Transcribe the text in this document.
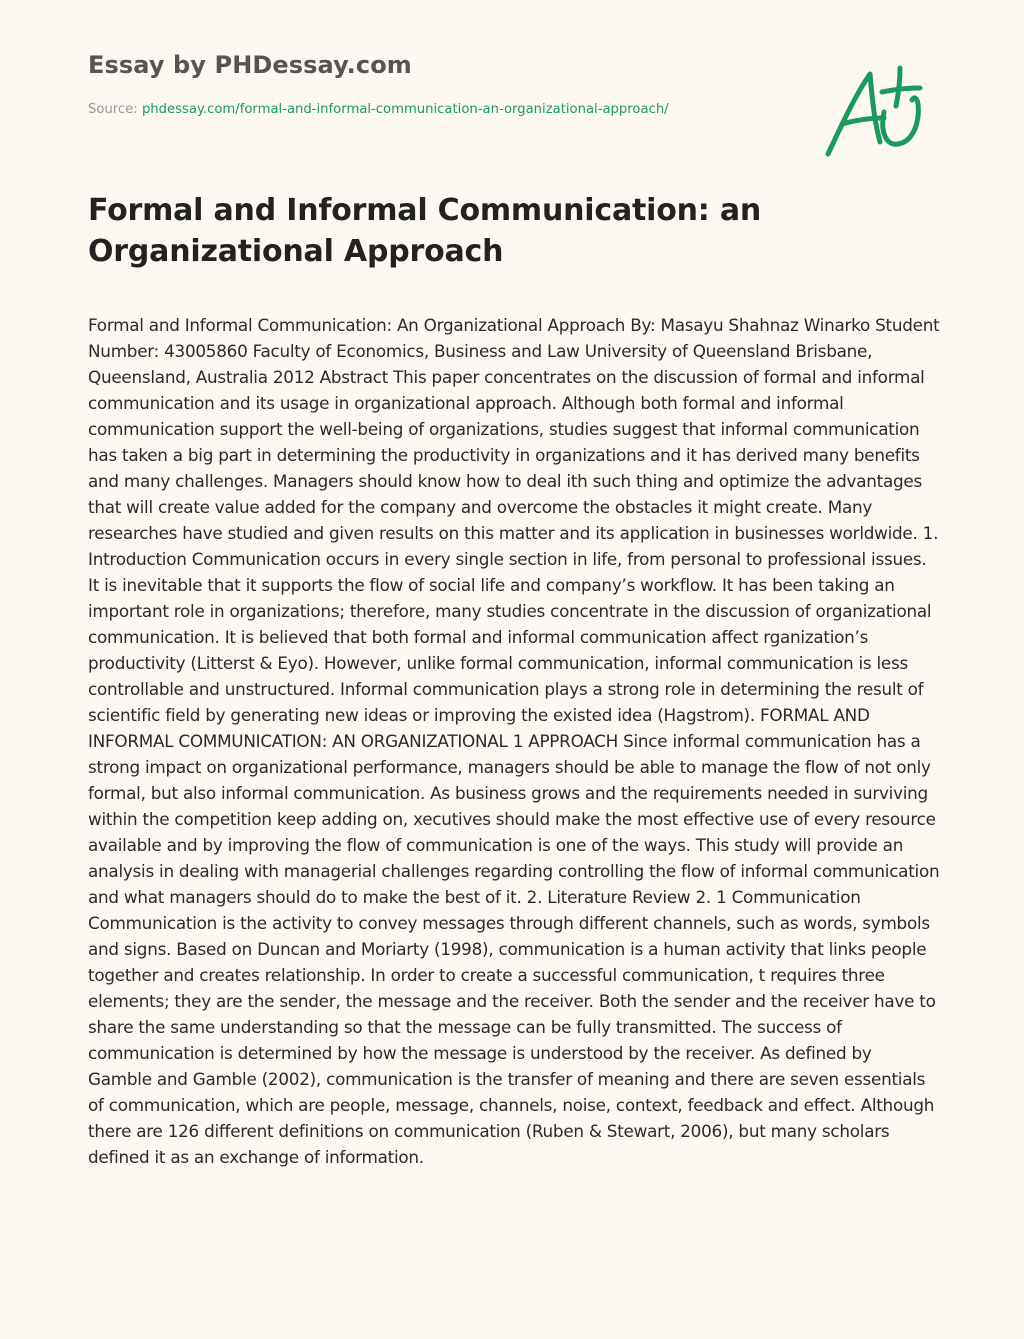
Essay by PHDessay.com
Source: phdessay.com/formal-and-informal-communication-an-organizational-approach/
Formal and Informal Communication: an Organizational Approach

Formal and Informal Communication: An Organizational Approach By: Masayu Shahnaz Winarko Student Number: 43005860 Faculty of Economics, Business and Law University of Queensland Brisbane, Queensland, Australia 2012 Abstract This paper concentrates on the discussion of formal and informal communication and its usage in organizational approach. Although both formal and informal communication support the well-being of organizations, studies suggest that informal communication has taken a big part in determining the productivity in organizations and it has derived many benefits and many challenges. Managers should know how to deal ith such thing and optimize the advantages that will create value added for the company and overcome the obstacles it might create. Many researches have studied and given results on this matter and its application in businesses worldwide. 1. Introduction Communication occurs in every single section in life, from personal to professional issues. It is inevitable that it supports the flow of social life and company’s workflow. It has been taking an important role in organizations; therefore, many studies concentrate in the discussion of organizational communication. It is believed that both formal and informal communication affect rganization’s productivity (Litterst & Eyo). However, unlike formal communication, informal communication is less controllable and unstructured. Informal communication plays a strong role in determining the result of scientific field by generating new ideas or improving the existed idea (Hagstrom). FORMAL AND INFORMAL COMMUNICATION: AN ORGANIZATIONAL 1 APPROACH Since informal communication has a strong impact on organizational performance, managers should be able to manage the flow of not only formal, but also informal communication. As business grows and the requirements needed in surviving within the competition keep adding on, xecutives should make the most effective use of every resource available and by improving the flow of communication is one of the ways. This study will provide an analysis in dealing with managerial challenges regarding controlling the flow of informal communication and what managers should do to make the best of it. 2. Literature Review 2. 1 Communication Communication is the activity to convey messages through different channels, such as words, symbols and signs. Based on Duncan and Moriarty (1998), communication is a human activity that links people together and creates relationship. In order to create a successful communication, t requires three elements; they are the sender, the message and the receiver. Both the sender and the receiver have to share the same understanding so that the message can be fully transmitted. The success of communication is determined by how the message is understood by the receiver. As defined by Gamble and Gamble (2002), communication is the transfer of meaning and there are seven essentials of communication, which are people, message, channels, noise, context, feedback and effect. Although there are 126 different definitions on communication (Ruben & Stewart, 2006), but many scholars defined it as an exchange of information.
